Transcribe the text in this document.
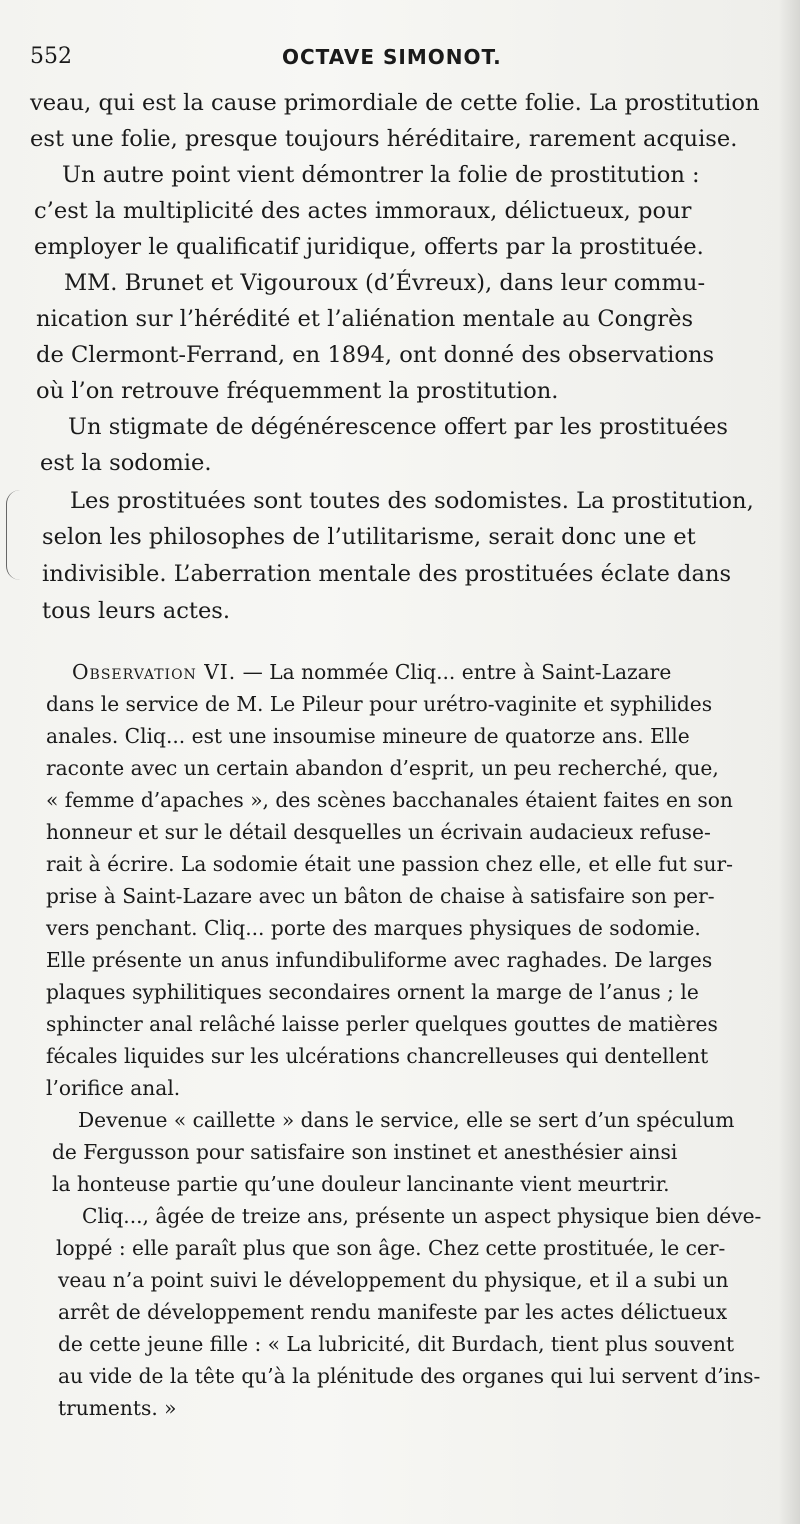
552	OCTAVE SIMONOT.

veau, qui est la cause primordiale de cette folie. La prostitution

est une folie, presque toujours héréditaire, rarement acquise.

Un autre point vient démontrer la folie de prostitution :

c’est la multiplicité des actes immoraux, délictueux, pour

employer le qualificatif juridique, offerts par la prostituée.

MM. Brunet et Vigouroux (d’Évreux), dans leur commu-

nication sur l’hérédité et l’aliénation mentale au Congrès

de Clermont-Ferrand, en 1894, ont donné des observations

où l’on retrouve fréquemment la prostitution.

Un stigmate de dégénérescence offert par les prostituées

est la sodomie.

Les prostituées sont toutes des sodomistes. La prostitution,

selon les philosophes de l’utilitarisme, serait donc une et

indivisible. L’aberration mentale des prostituées éclate dans

tous leurs actes.

Observation VI. — La nommée Cliq... entre à Saint-Lazare

dans le service de M. Le Pileur pour urétro-vaginite et syphilides

anales. Cliq... est une insoumise mineure de quatorze ans. Elle

raconte avec un certain abandon d’esprit, un peu recherché, que,

« femme d’apaches », des scènes bacchanales étaient faites en son

honneur et sur le détail desquelles un écrivain audacieux refuse-

rait à écrire. La sodomie était une passion chez elle, et elle fut sur-

prise à Saint-Lazare avec un bâton de chaise à satisfaire son per-

vers penchant. Cliq... porte des marques physiques de sodomie.

Elle présente un anus infundibuliforme avec raghades. De larges

plaques syphilitiques secondaires ornent la marge de l’anus ; le

sphincter anal relâché laisse perler quelques gouttes de matières

fécales liquides sur les ulcérations chancrelleuses qui dentellent

l’orifice anal.

Devenue « caillette » dans le service, elle se sert d’un spéculum

de Fergusson pour satisfaire son instinet et anesthésier ainsi

la honteuse partie qu’une douleur lancinante vient meurtrir.

Cliq..., âgée de treize ans, présente un aspect physique bien déve-

loppé : elle paraît plus que son âge. Chez cette prostituée, le cer-

veau n’a point suivi le développement du physique, et il a subi un

arrêt de développement rendu manifeste par les actes délictueux

de cette jeune fille : « La lubricité, dit Burdach, tient plus souvent

au vide de la tête qu’à la plénitude des organes qui lui servent d’ins-

truments. »
